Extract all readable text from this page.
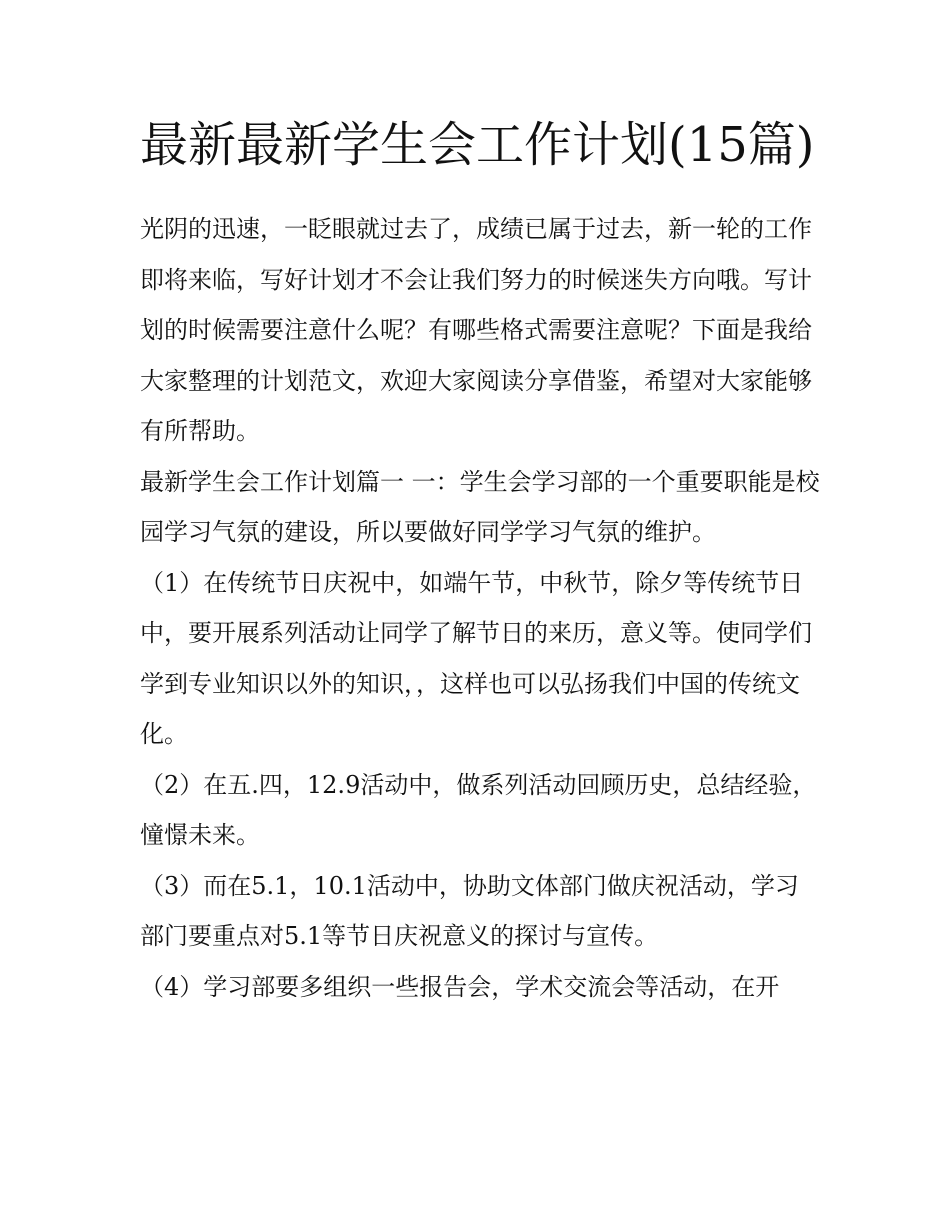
最新最新学生会工作计划(15篇)

光阴的迅速，一眨眼就过去了，成绩已属于过去，新一轮的工作即将来临，写好计划才不会让我们努力的时候迷失方向哦。写计划的时候需要注意什么呢？有哪些格式需要注意呢？下面是我给大家整理的计划范文，欢迎大家阅读分享借鉴，希望对大家能够有所帮助。

最新学生会工作计划篇一 一：学生会学习部的一个重要职能是校园学习气氛的建设，所以要做好同学学习气氛的维护。

（1）在传统节日庆祝中，如端午节，中秋节，除夕等传统节日中，要开展系列活动让同学了解节日的来历，意义等。使同学们学到专业知识以外的知识，，这样也可以弘扬我们中国的传统文化。

（2）在五.四，12.9活动中，做系列活动回顾历史，总结经验，憧憬未来。

（3）而在5.1，10.1活动中，协助文体部门做庆祝活动，学习部门要重点对5.1等节日庆祝意义的探讨与宣传。

（4）学习部要多组织一些报告会，学术交流会等活动，在开
